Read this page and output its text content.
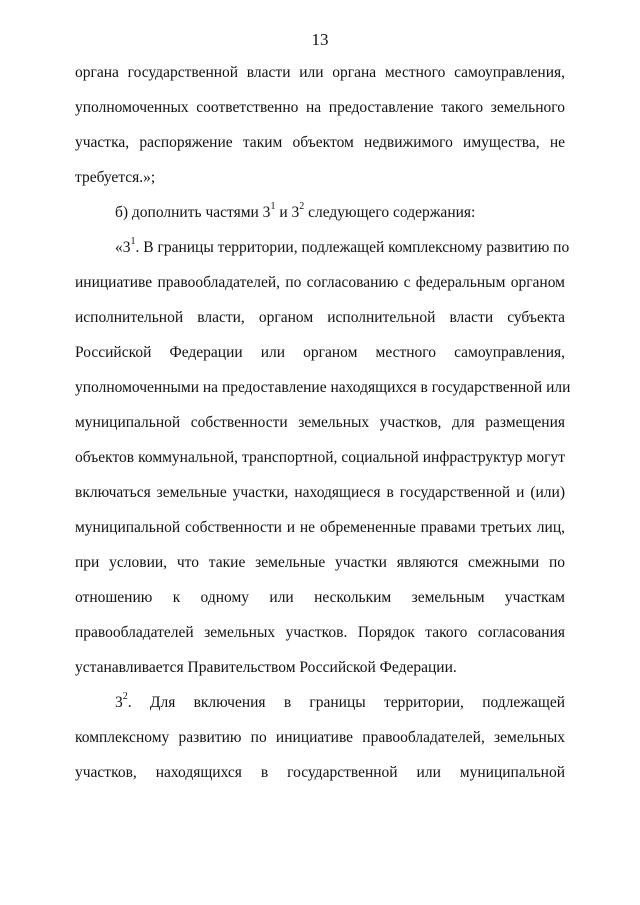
13
органа государственной власти или органа местного самоуправления,
уполномоченных соответственно на предоставление такого земельного
участка, распоряжение таким объектом недвижимого имущества, не
требуется.»;
б) дополнить частями $3^1$ и $3^2$ следующего содержания:
«$3^1$. В границы территории, подлежащей комплексному развитию по
инициативе правообладателей, по согласованию с федеральным органом
исполнительной власти, органом исполнительной власти субъекта
Российской Федерации или органом местного самоуправления,
уполномоченными на предоставление находящихся в государственной или
муниципальной собственности земельных участков, для размещения
объектов коммунальной, транспортной, социальной инфраструктур могут
включаться земельные участки, находящиеся в государственной и (или)
муниципальной собственности и не обремененные правами третьих лиц,
при условии, что такие земельные участки являются смежными по
отношению к одному или нескольким земельным участкам
правообладателей земельных участков. Порядок такого согласования
устанавливается Правительством Российской Федерации.
$3^2$. Для включения в границы территории, подлежащей
комплексному развитию по инициативе правообладателей, земельных
участков, находящихся в государственной или муниципальной
